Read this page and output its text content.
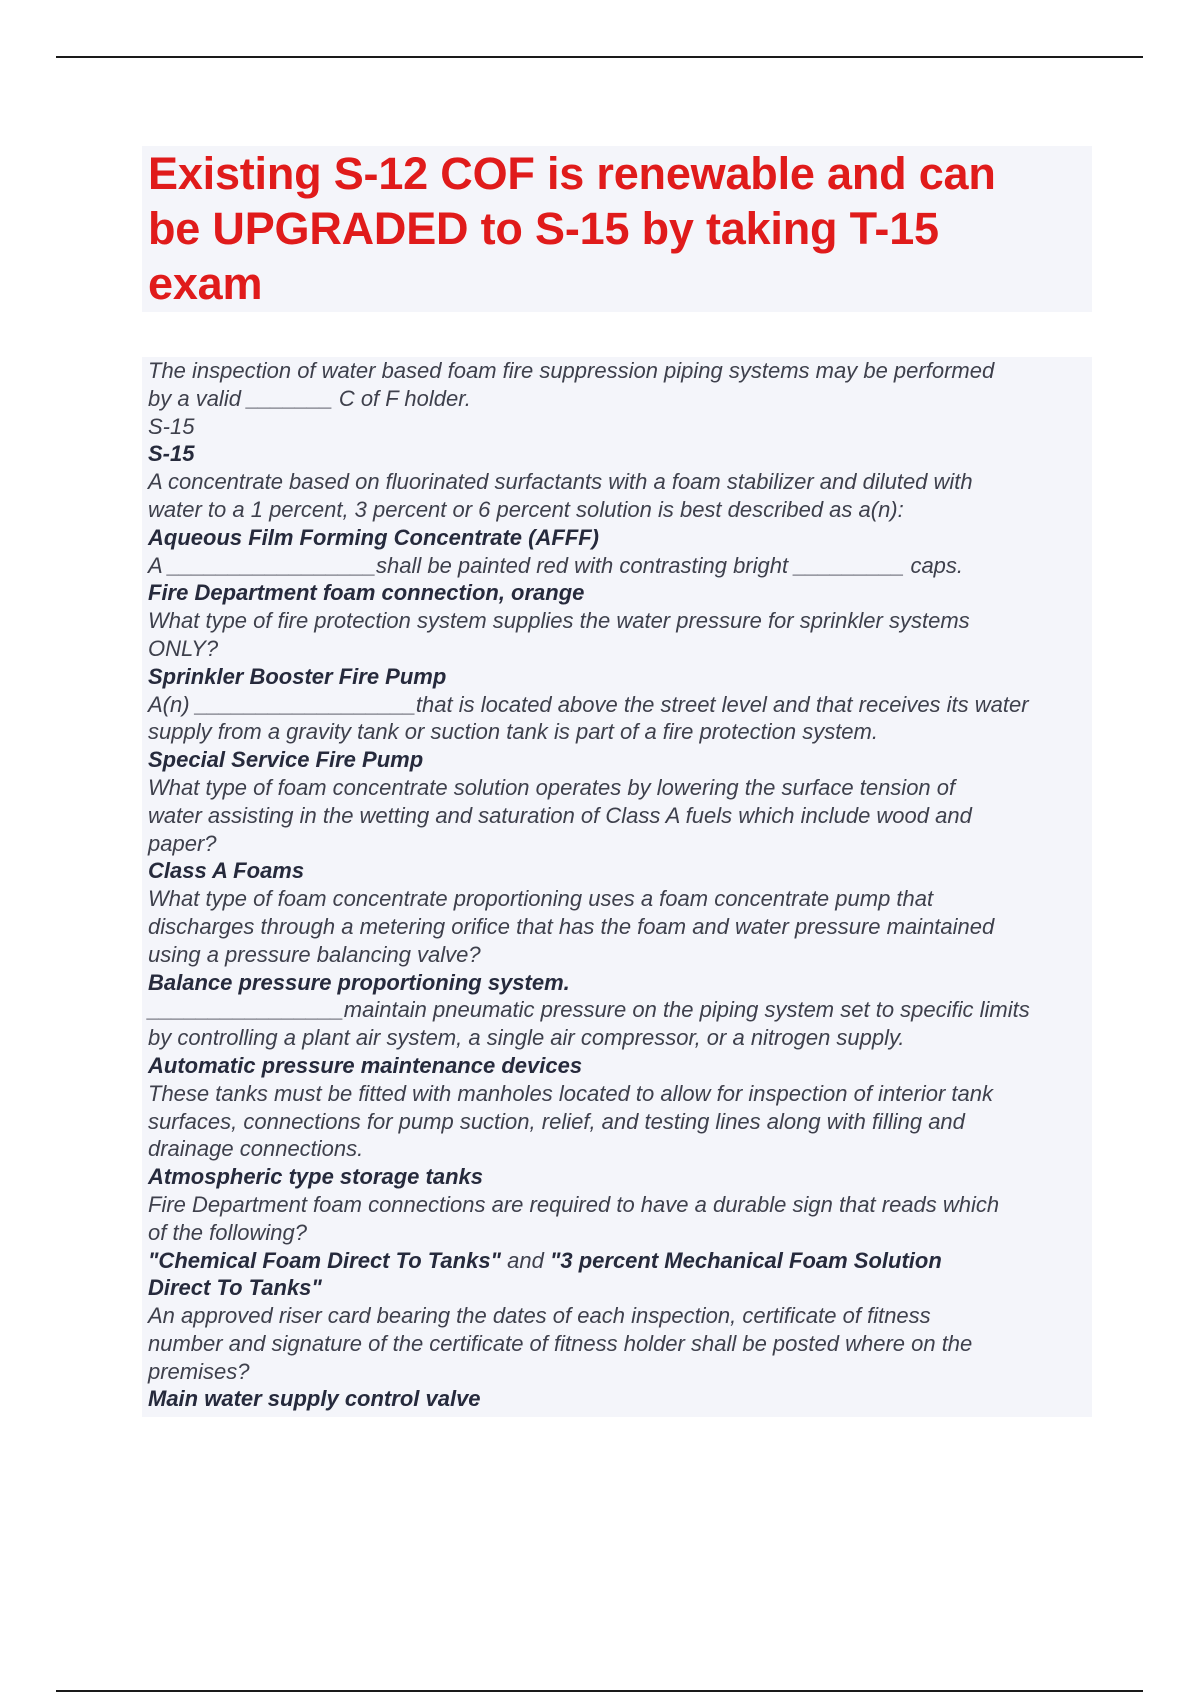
Existing S-12 COF is renewable and can
be UPGRADED to S-15 by taking T-15
exam
The inspection of water based foam fire suppression piping systems may be performed
by a valid _______ C of F holder.
S-15
S-15
A concentrate based on fluorinated surfactants with a foam stabilizer and diluted with
water to a 1 percent, 3 percent or 6 percent solution is best described as a(n):
Aqueous Film Forming Concentrate (AFFF)
A _________________shall be painted red with contrasting bright _________ caps.
Fire Department foam connection, orange
What type of fire protection system supplies the water pressure for sprinkler systems
ONLY?
Sprinkler Booster Fire Pump
A(n) __________________that is located above the street level and that receives its water
supply from a gravity tank or suction tank is part of a fire protection system.
Special Service Fire Pump
What type of foam concentrate solution operates by lowering the surface tension of
water assisting in the wetting and saturation of Class A fuels which include wood and
paper?
Class A Foams
What type of foam concentrate proportioning uses a foam concentrate pump that
discharges through a metering orifice that has the foam and water pressure maintained
using a pressure balancing valve?
Balance pressure proportioning system.
________________maintain pneumatic pressure on the piping system set to specific limits
by controlling a plant air system, a single air compressor, or a nitrogen supply.
Automatic pressure maintenance devices
These tanks must be fitted with manholes located to allow for inspection of interior tank
surfaces, connections for pump suction, relief, and testing lines along with filling and
drainage connections.
Atmospheric type storage tanks
Fire Department foam connections are required to have a durable sign that reads which
of the following?
"Chemical Foam Direct To Tanks" and "3 percent Mechanical Foam Solution
Direct To Tanks"
An approved riser card bearing the dates of each inspection, certificate of fitness
number and signature of the certificate of fitness holder shall be posted where on the
premises?
Main water supply control valve
